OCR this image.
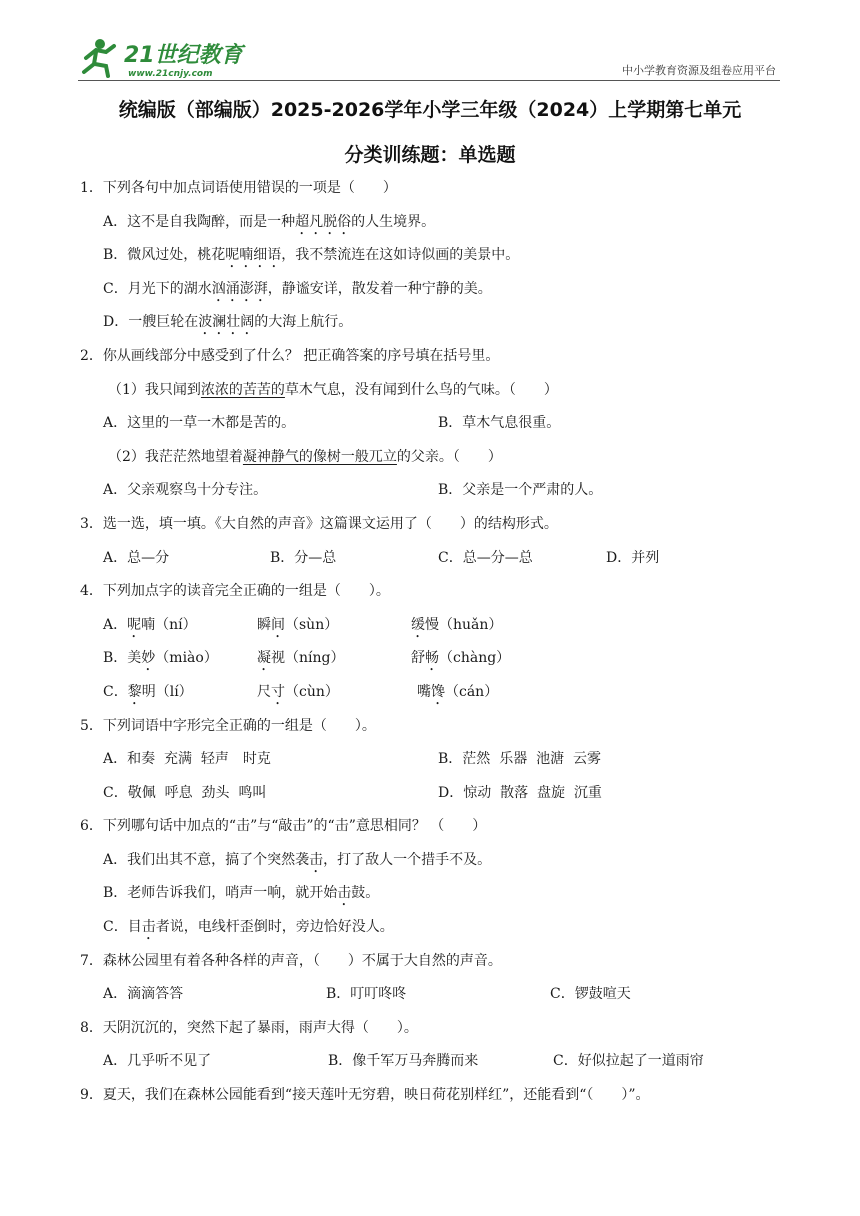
21世纪教育
www.21cnjy.com	中小学教育资源及组卷应用平台
统编版（部编版）2025-2026学年小学三年级（2024）上学期第七单元
分类训练题：单选题
1．下列各句中加点词语使用错误的一项是（　　）
A．这不是自我陶醉，而是一种超凡脱俗的人生境界。
B．微风过处，桃花呢喃细语，我不禁流连在这如诗似画的美景中。
C．月光下的湖水汹涌澎湃，静谧安详，散发着一种宁静的美。
D．一艘巨轮在波澜壮阔的大海上航行。
2．你从画线部分中感受到了什么？ 把正确答案的序号填在括号里。
（1）我只闻到浓浓的苦苦的草木气息，没有闻到什么鸟的气味。（　　）
A．这里的一草一木都是苦的。	B．草木气息很重。
（2）我茫茫然地望着凝神静气的像树一般兀立的父亲。（　　）
A．父亲观察鸟十分专注。	B．父亲是一个严肃的人。
3．选一选，填一填。《大自然的声音》这篇课文运用了（　　）的结构形式。
A．总—分	B．分—总	C．总—分—总	D．并列
4．下列加点字的读音完全正确的一组是（　　）。
A．呢喃（ní）	瞬间（sùn）	缓慢（huǎn）
B．美妙（miào）	凝视（níng）	舒畅（chàng）
C．黎明（lí）	尺寸（cùn）	嘴馋（cán）
5．下列词语中字形完全正确的一组是（　　）。
A．和奏  充满  轻声　时克	B．茫然  乐器  池溏  云雾
C．敬佩  呼息  劲头  鸣叫	D．惊动  散落  盘旋  沉重
6．下列哪句话中加点的“击”与“敲击”的“击”意思相同？ （　　）
A．我们出其不意，搞了个突然袭击，打了敌人一个措手不及。
B．老师告诉我们，哨声一响，就开始击鼓。
C．目击者说，电线杆歪倒时，旁边恰好没人。
7．森林公园里有着各种各样的声音，（　　）不属于大自然的声音。
A．滴滴答答	B．叮叮咚咚	C．锣鼓喧天
8．天阴沉沉的，突然下起了暴雨，雨声大得（　　）。
A．几乎听不见了	B．像千军万马奔腾而来	C．好似拉起了一道雨帘
9．夏天，我们在森林公园能看到“接天莲叶无穷碧，映日荷花别样红”，还能看到“（　　）”。
